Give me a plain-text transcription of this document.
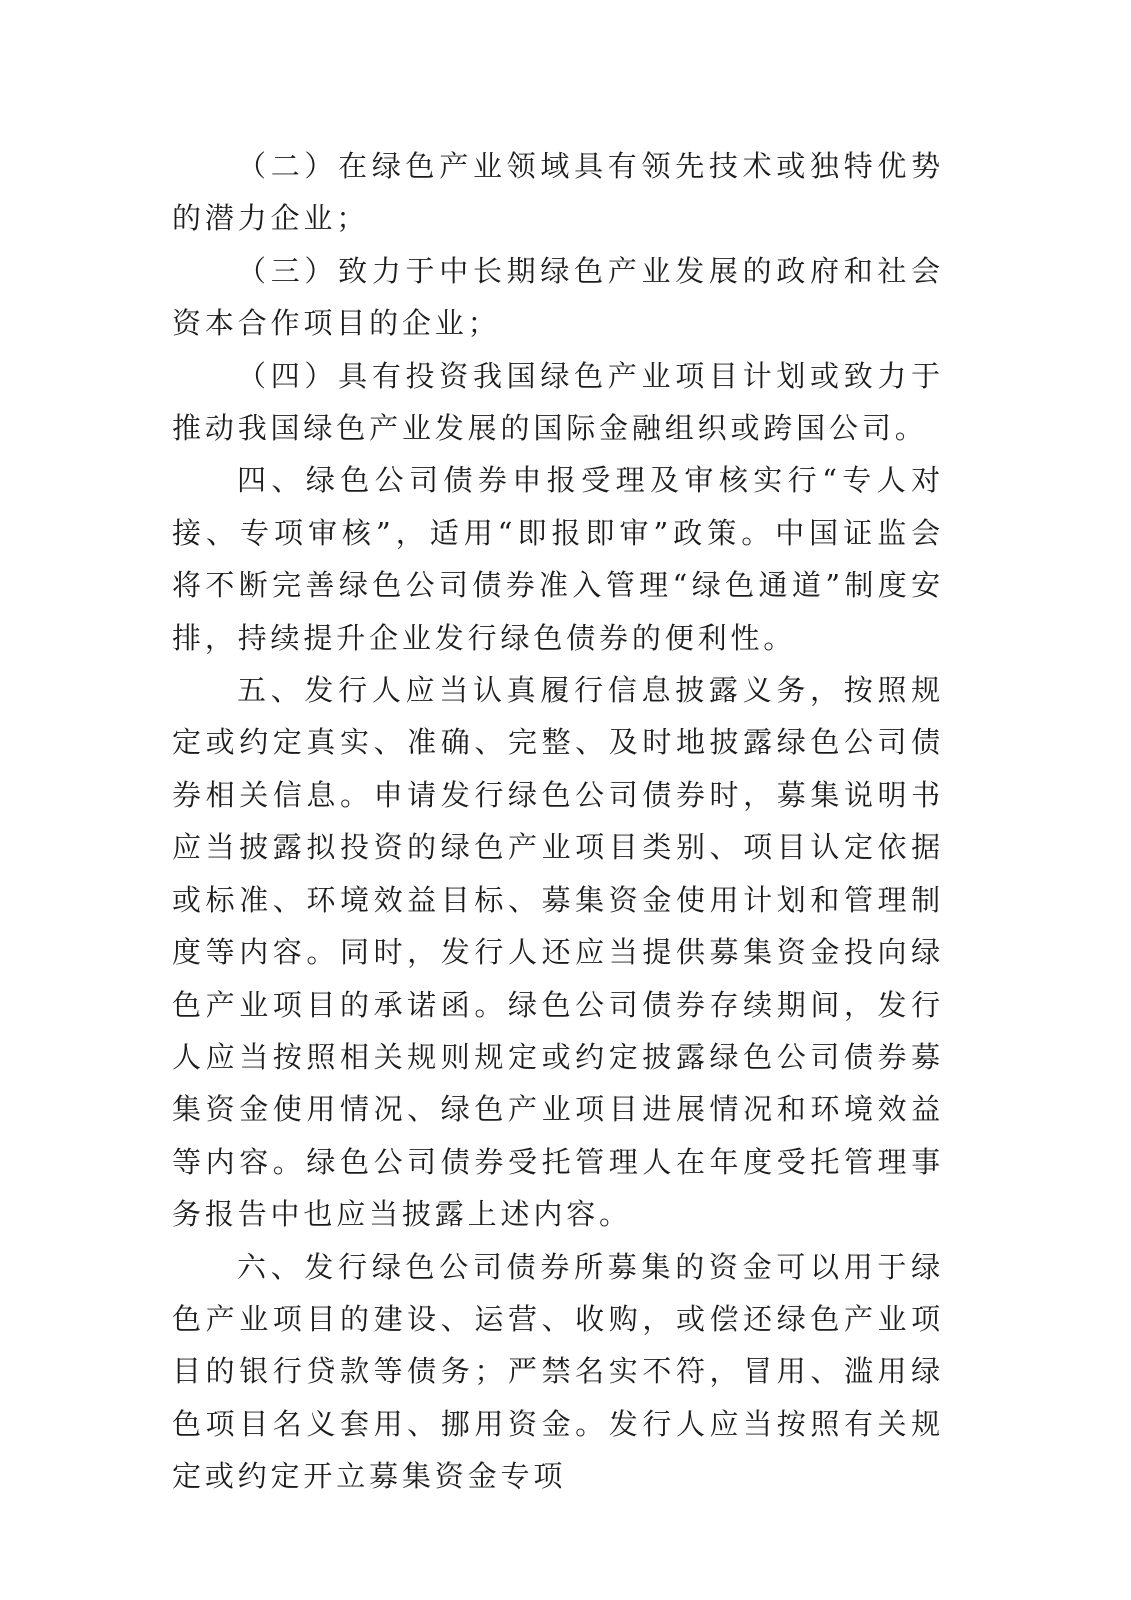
（二）在绿色产业领域具有领先技术或独特优势的潜力企业；

（三）致力于中长期绿色产业发展的政府和社会资本合作项目的企业；

（四）具有投资我国绿色产业项目计划或致力于推动我国绿色产业发展的国际金融组织或跨国公司。

四、绿色公司债券申报受理及审核实行“专人对接、专项审核”，适用“即报即审”政策。中国证监会将不断完善绿色公司债券准入管理“绿色通道”制度安排，持续提升企业发行绿色债券的便利性。

五、发行人应当认真履行信息披露义务，按照规定或约定真实、准确、完整、及时地披露绿色公司债券相关信息。申请发行绿色公司债券时，募集说明书应当披露拟投资的绿色产业项目类别、项目认定依据或标准、环境效益目标、募集资金使用计划和管理制度等内容。同时，发行人还应当提供募集资金投向绿色产业项目的承诺函。绿色公司债券存续期间，发行人应当按照相关规则规定或约定披露绿色公司债券募集资金使用情况、绿色产业项目进展情况和环境效益等内容。绿色公司债券受托管理人在年度受托管理事务报告中也应当披露上述内容。

六、发行绿色公司债券所募集的资金可以用于绿色产业项目的建设、运营、收购，或偿还绿色产业项目的银行贷款等债务；严禁名实不符，冒用、滥用绿色项目名义套用、挪用资金。发行人应当按照有关规定或约定开立募集资金专项
